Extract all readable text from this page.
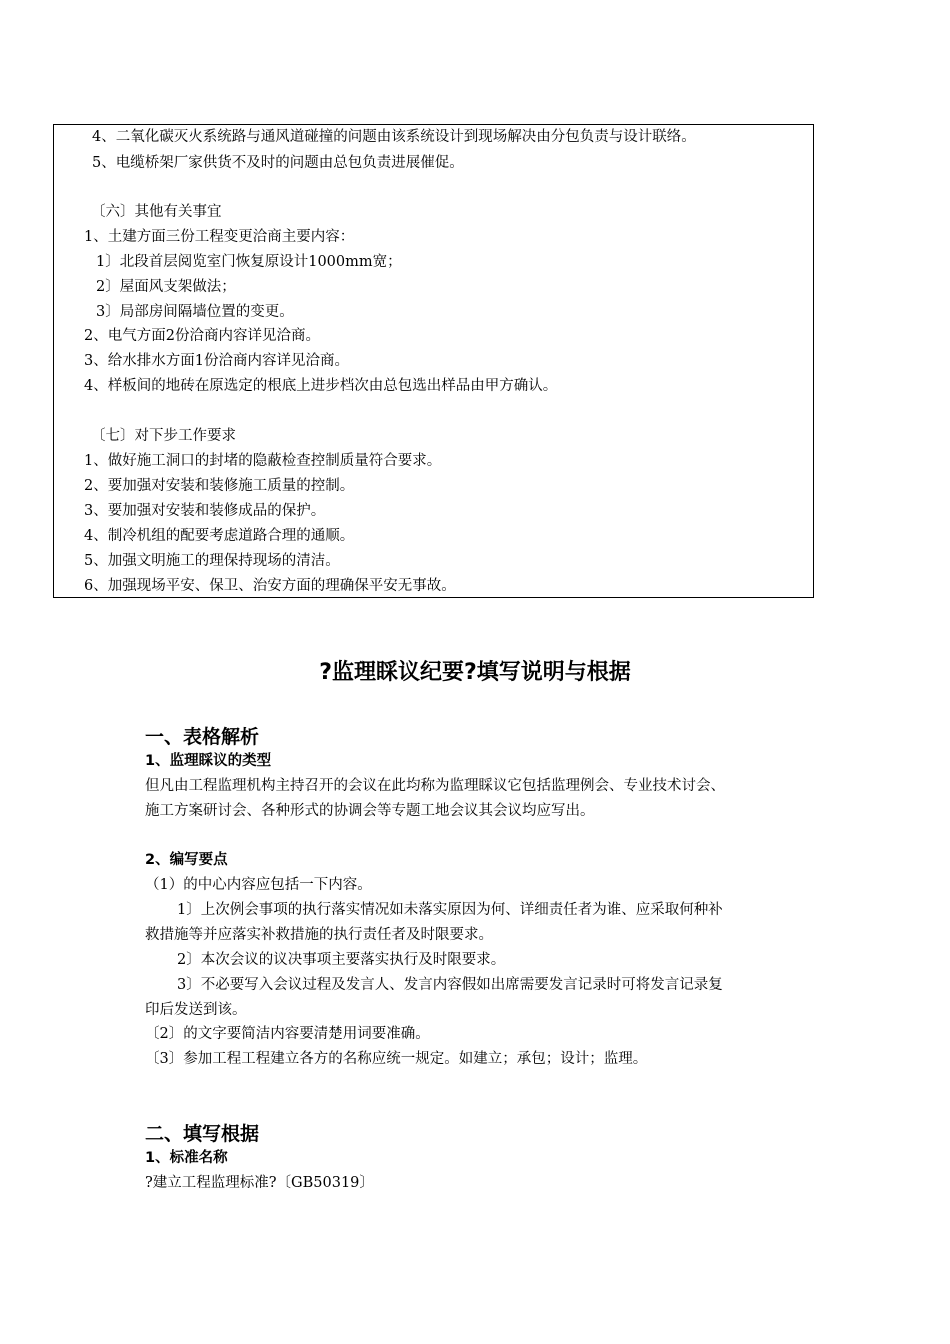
4、二氧化碳灭火系统路与通风道碰撞的问题由该系统设计到现场解决由分包负责与设计联络。
5、电缆桥架厂家供货不及时的问题由总包负责进展催促。
〔六〕其他有关事宜
1、土建方面三份工程变更洽商主要内容：
1〕北段首层阅览室门恢复原设计1000mm宽；
2〕屋面风支架做法；
3〕局部房间隔墙位置的变更。
2、电气方面2份洽商内容详见洽商。
3、给水排水方面1份洽商内容详见洽商。
4、样板间的地砖在原选定的根底上进步档次由总包选出样品由甲方确认。
〔七〕对下步工作要求
1、做好施工洞口的封堵的隐蔽检查控制质量符合要求。
2、要加强对安装和装修施工质量的控制。
3、要加强对安装和装修成品的保护。
4、制冷机组的配要考虑道路合理的通顺。
5、加强文明施工的理保持现场的清洁。
6、加强现场平安、保卫、治安方面的理确保平安无事故。
?监理睬议纪要?填写说明与根据
一、表格解析
1、监理睬议的类型
但凡由工程监理机构主持召开的会议在此均称为监理睬议它包括监理例会、专业技术讨会、
施工方案研讨会、各种形式的协调会等专题工地会议其会议均应写出。
2、编写要点
（1）的中心内容应包括一下内容。
1〕上次例会事项的执行落实情况如未落实原因为何、详细责任者为谁、应采取何种补
救措施等并应落实补救措施的执行责任者及时限要求。
2〕本次会议的议决事项主要落实执行及时限要求。
3〕不必要写入会议过程及发言人、发言内容假如出席需要发言记录时可将发言记录复
印后发送到该。
〔2〕的文字要简洁内容要清楚用词要准确。
〔3〕参加工程工程建立各方的名称应统一规定。如建立；承包；设计；监理。
二、填写根据
1、标准名称
?建立工程监理标准?〔GB50319〕
